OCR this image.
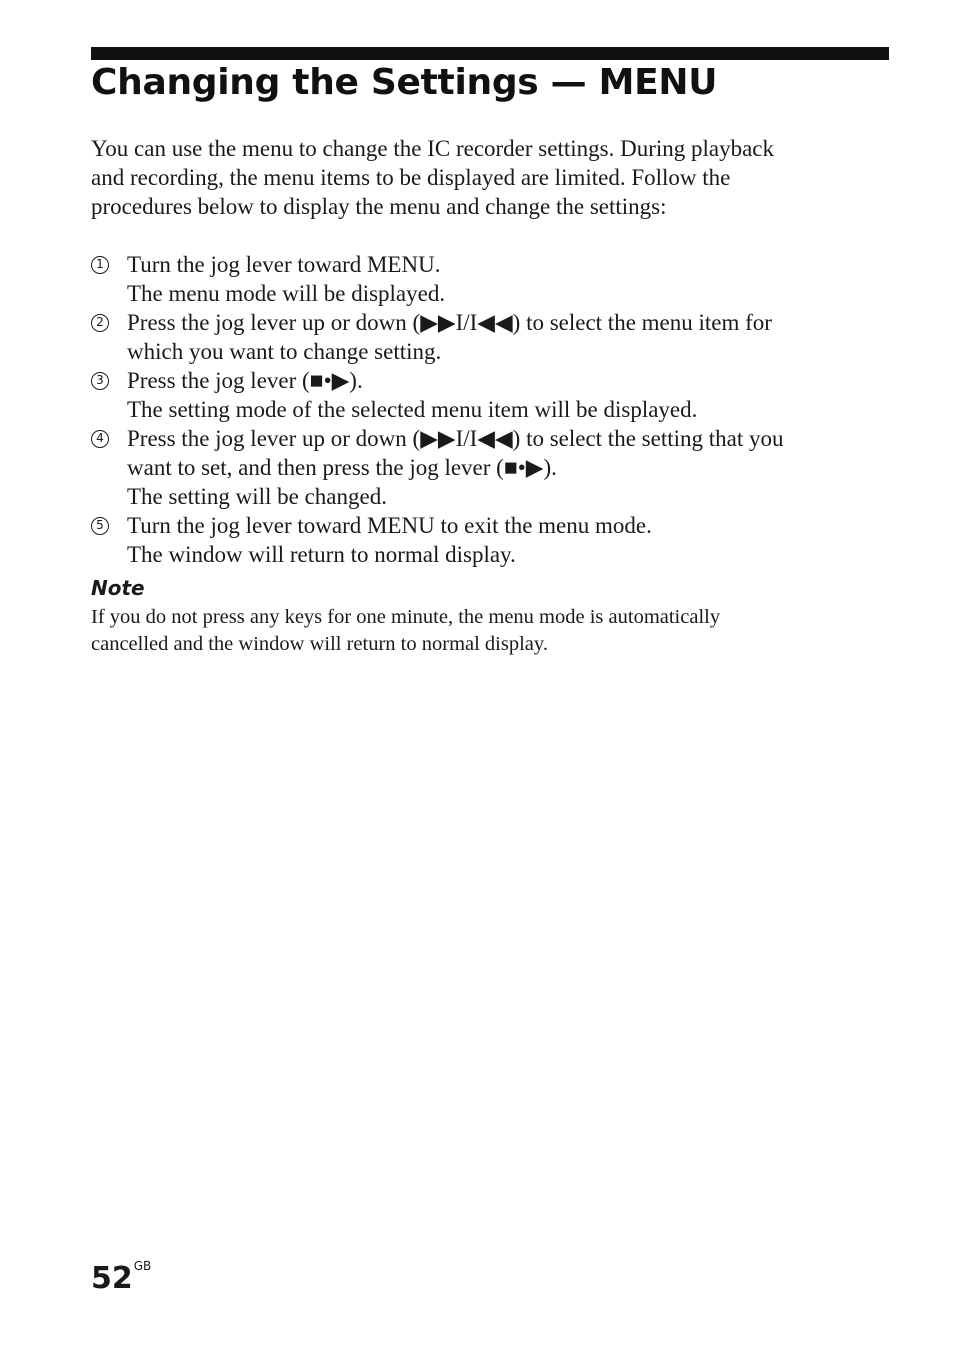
Changing the Settings — MENU
You can use the menu to change the IC recorder settings. During playback
and recording, the menu items to be displayed are limited. Follow the
procedures below to display the menu and change the settings:
1 Turn the jog lever toward MENU.
The menu mode will be displayed.
2 Press the jog lever up or down (▶▶I/I◀◀) to select the menu item for
which you want to change setting.
3 Press the jog lever (■•▶).
The setting mode of the selected menu item will be displayed.
4 Press the jog lever up or down (▶▶I/I◀◀) to select the setting that you
want to set, and then press the jog lever (■•▶).
The setting will be changed.
5 Turn the jog lever toward MENU to exit the menu mode.
The window will return to normal display.
Note
If you do not press any keys for one minute, the menu mode is automatically
cancelled and the window will return to normal display.
$52^{GB}$
